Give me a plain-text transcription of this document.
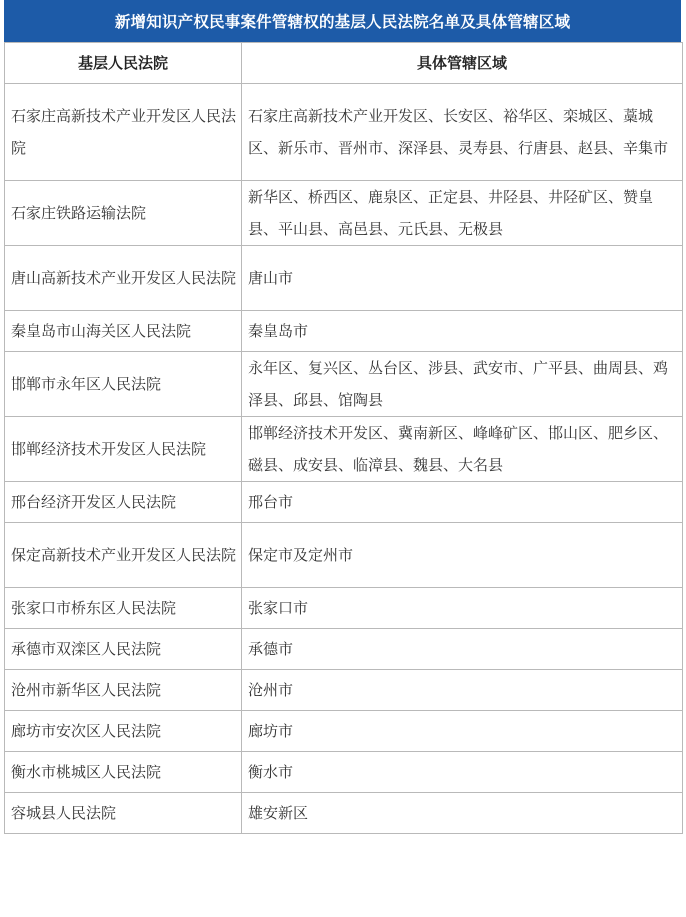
新增知识产权民事案件管辖权的基层人民法院名单及具体管辖区域
基层人民法院	具体管辖区域
石家庄高新技术产业开发区人民法院	石家庄高新技术产业开发区、长安区、裕华区、栾城区、藁城区、新乐市、晋州市、深泽县、灵寿县、行唐县、赵县、辛集市
石家庄铁路运输法院	新华区、桥西区、鹿泉区、正定县、井陉县、井陉矿区、赞皇县、平山县、高邑县、元氏县、无极县
唐山高新技术产业开发区人民法院	唐山市
秦皇岛市山海关区人民法院	秦皇岛市
邯郸市永年区人民法院	永年区、复兴区、丛台区、涉县、武安市、广平县、曲周县、鸡泽县、邱县、馆陶县
邯郸经济技术开发区人民法院	邯郸经济技术开发区、冀南新区、峰峰矿区、邯山区、肥乡区、磁县、成安县、临漳县、魏县、大名县
邢台经济开发区人民法院	邢台市
保定高新技术产业开发区人民法院	保定市及定州市
张家口市桥东区人民法院	张家口市
承德市双滦区人民法院	承德市
沧州市新华区人民法院	沧州市
廊坊市安次区人民法院	廊坊市
衡水市桃城区人民法院	衡水市
容城县人民法院	雄安新区
